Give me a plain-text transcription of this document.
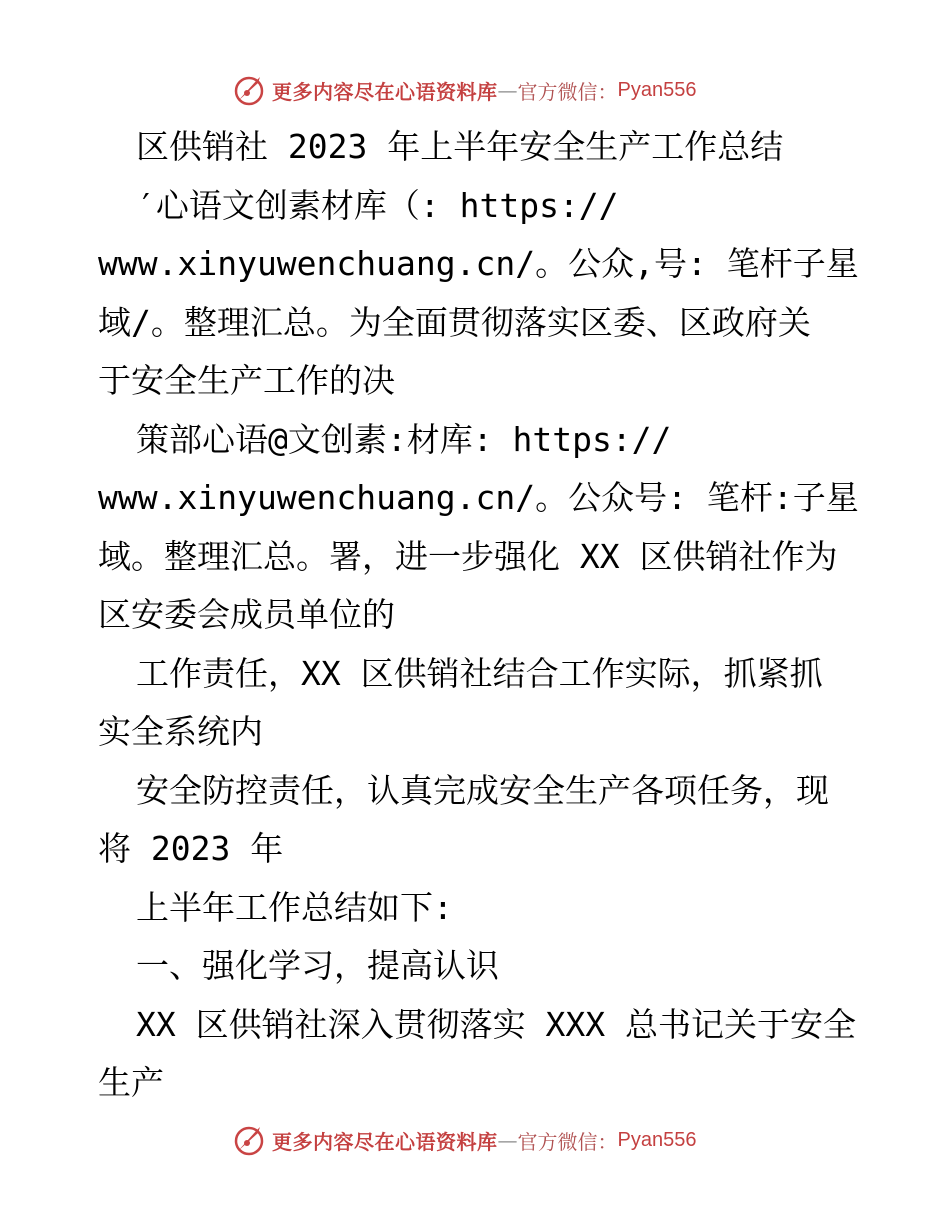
更多内容尽在心语资料库 — 官方微信： Pyan556
区供销社 2023 年上半年安全生产工作总结
′心语文创素材库（: https://
www.xinyuwenchuang.cn/。公众,号: 笔杆子星
域/。整理汇总。为全面贯彻落实区委、区政府关
于安全生产工作的决
策部心语@文创素:材库: https://
www.xinyuwenchuang.cn/。公众号: 笔杆:子星
域。整理汇总。署，进一步强化 XX 区供销社作为
区安委会成员单位的
工作责任，XX 区供销社结合工作实际，抓紧抓
实全系统内
安全防控责任，认真完成安全生产各项任务，现
将 2023 年
上半年工作总结如下:
一、强化学习，提高认识
XX 区供销社深入贯彻落实 XXX 总书记关于安全
生产
更多内容尽在心语资料库 — 官方微信： Pyan556
